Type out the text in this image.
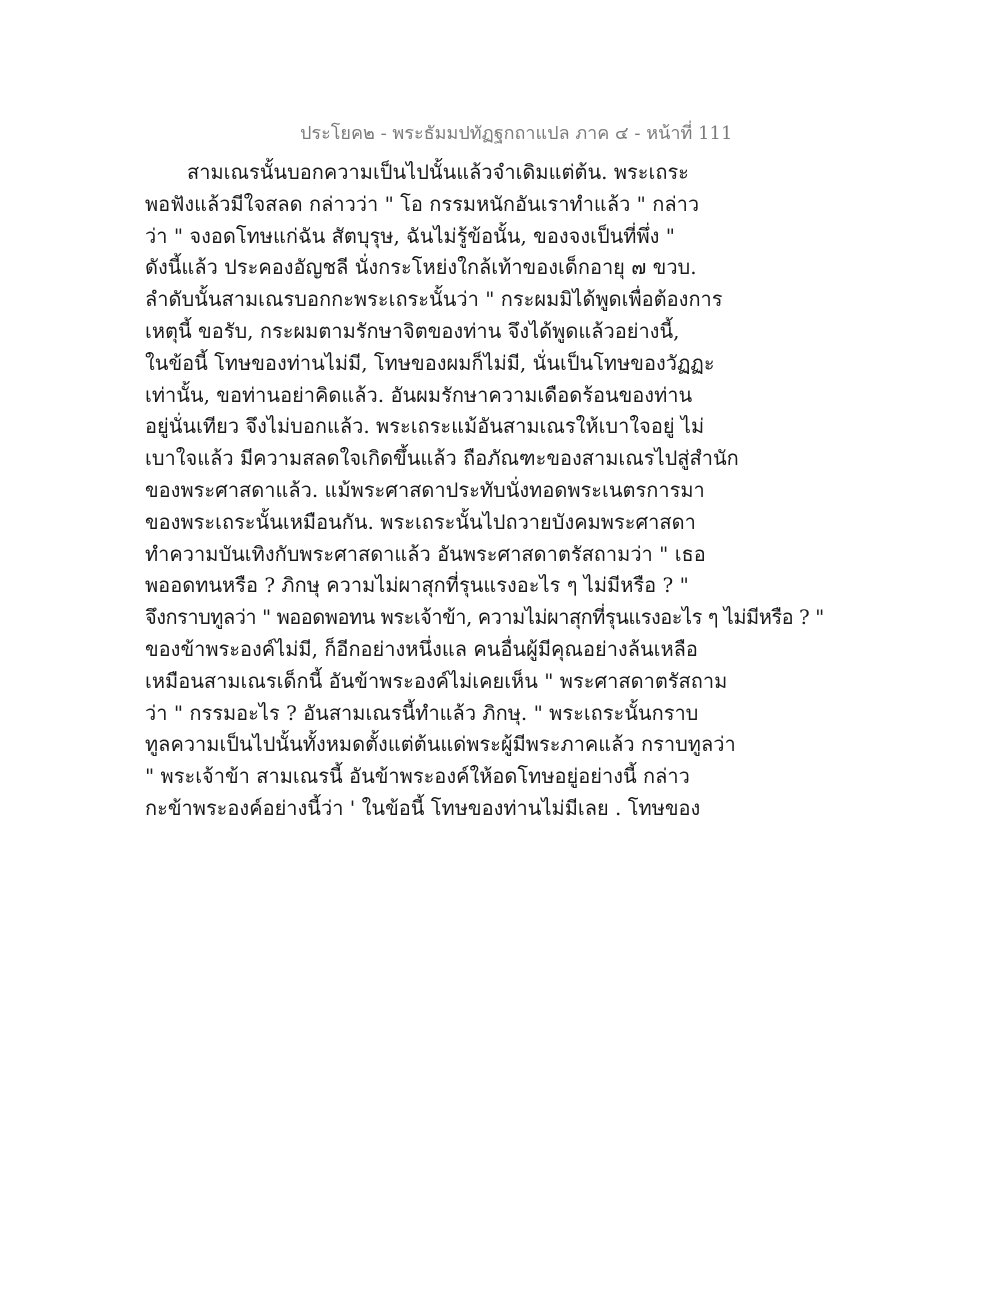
ประโยค๒ - พระธัมมปทัฏฐกถาแปล ภาค ๔ - หน้าที่ 111
สามเณรนั้นบอกความเป็นไปนั้นแล้วจำเดิมแต่ต้น. พระเถระ
พอฟังแล้วมีใจสลด กล่าวว่า " โอ กรรมหนักอันเราทำแล้ว " กล่าว
ว่า " จงอดโทษแก่ฉัน สัตบุรุษ, ฉันไม่รู้ข้อนั้น, ของจงเป็นที่พึ่ง "
ดังนี้แล้ว ประคองอัญชลี นั่งกระโหย่งใกล้เท้าของเด็กอายุ ๗ ขวบ.
ลำดับนั้นสามเณรบอกกะพระเถระนั้นว่า " กระผมมิได้พูดเพื่อต้องการ
เหตุนี้ ขอรับ, กระผมตามรักษาจิตของท่าน จึงได้พูดแล้วอย่างนี้,
ในข้อนี้ โทษของท่านไม่มี, โทษของผมก็ไม่มี, นั่นเป็นโทษของวัฏฏะ
เท่านั้น, ขอท่านอย่าคิดแล้ว. อันผมรักษาความเดือดร้อนของท่าน
อยู่นั่นเทียว จึงไม่บอกแล้ว. พระเถระแม้อันสามเณรให้เบาใจอยู่ ไม่
เบาใจแล้ว มีความสลดใจเกิดขึ้นแล้ว ถือภัณฑะของสามเณรไปสู่สำนัก
ของพระศาสดาแล้ว. แม้พระศาสดาประทับนั่งทอดพระเนตรการมา
ของพระเถระนั้นเหมือนกัน. พระเถระนั้นไปถวายบังคมพระศาสดา
ทำความบันเทิงกับพระศาสดาแล้ว อันพระศาสดาตรัสถามว่า " เธอ
พออดทนหรือ ? ภิกษุ ความไม่ผาสุกที่รุนแรงอะไร ๆ ไม่มีหรือ ? "
จึงกราบทูลว่า " พออดพอทน พระเจ้าข้า, ความไม่ผาสุกที่รุนแรงอะไร ๆ ไม่มีหรือ ? "
ของข้าพระองค์ไม่มี, ก็อีกอย่างหนึ่งแล คนอื่นผู้มีคุณอย่างล้นเหลือ
เหมือนสามเณรเด็กนี้ อันข้าพระองค์ไม่เคยเห็น " พระศาสดาตรัสถาม
ว่า " กรรมอะไร ? อันสามเณรนี้ทำแล้ว ภิกษุ. " พระเถระนั้นกราบ
ทูลความเป็นไปนั้นทั้งหมดตั้งแต่ต้นแด่พระผู้มีพระภาคแล้ว กราบทูลว่า
" พระเจ้าข้า สามเณรนี้ อันข้าพระองค์ให้อดโทษอยู่อย่างนี้ กล่าว
กะข้าพระองค์อย่างนี้ว่า ' ในข้อนี้ โทษของท่านไม่มีเลย . โทษของ
